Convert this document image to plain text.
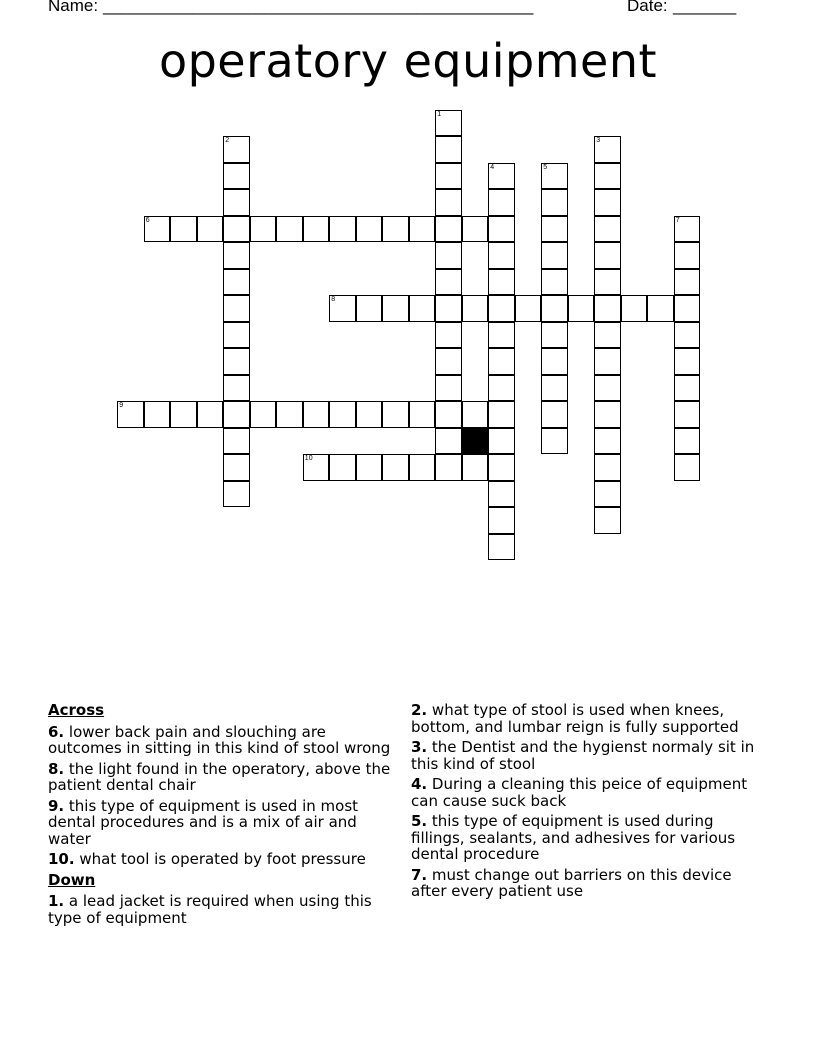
Name: ________________________________________________	Date: _______
operatory equipment
1
2	3
4	5
6	7
8
9
10
Across
6. lower back pain and slouching are outcomes in sitting in this kind of stool wrong
8. the light found in the operatory, above the patient dental chair
9. this type of equipment is used in most dental procedures and is a mix of air and water
10. what tool is operated by foot pressure
Down
1. a lead jacket is required when using this type of equipment
2. what type of stool is used when knees, bottom, and lumbar reign is fully supported
3. the Dentist and the hygienst normaly sit in this kind of stool
4. During a cleaning this peice of equipment can cause suck back
5. this type of equipment is used during fillings, sealants, and adhesives for various dental procedure
7. must change out barriers on this device after every patient use
